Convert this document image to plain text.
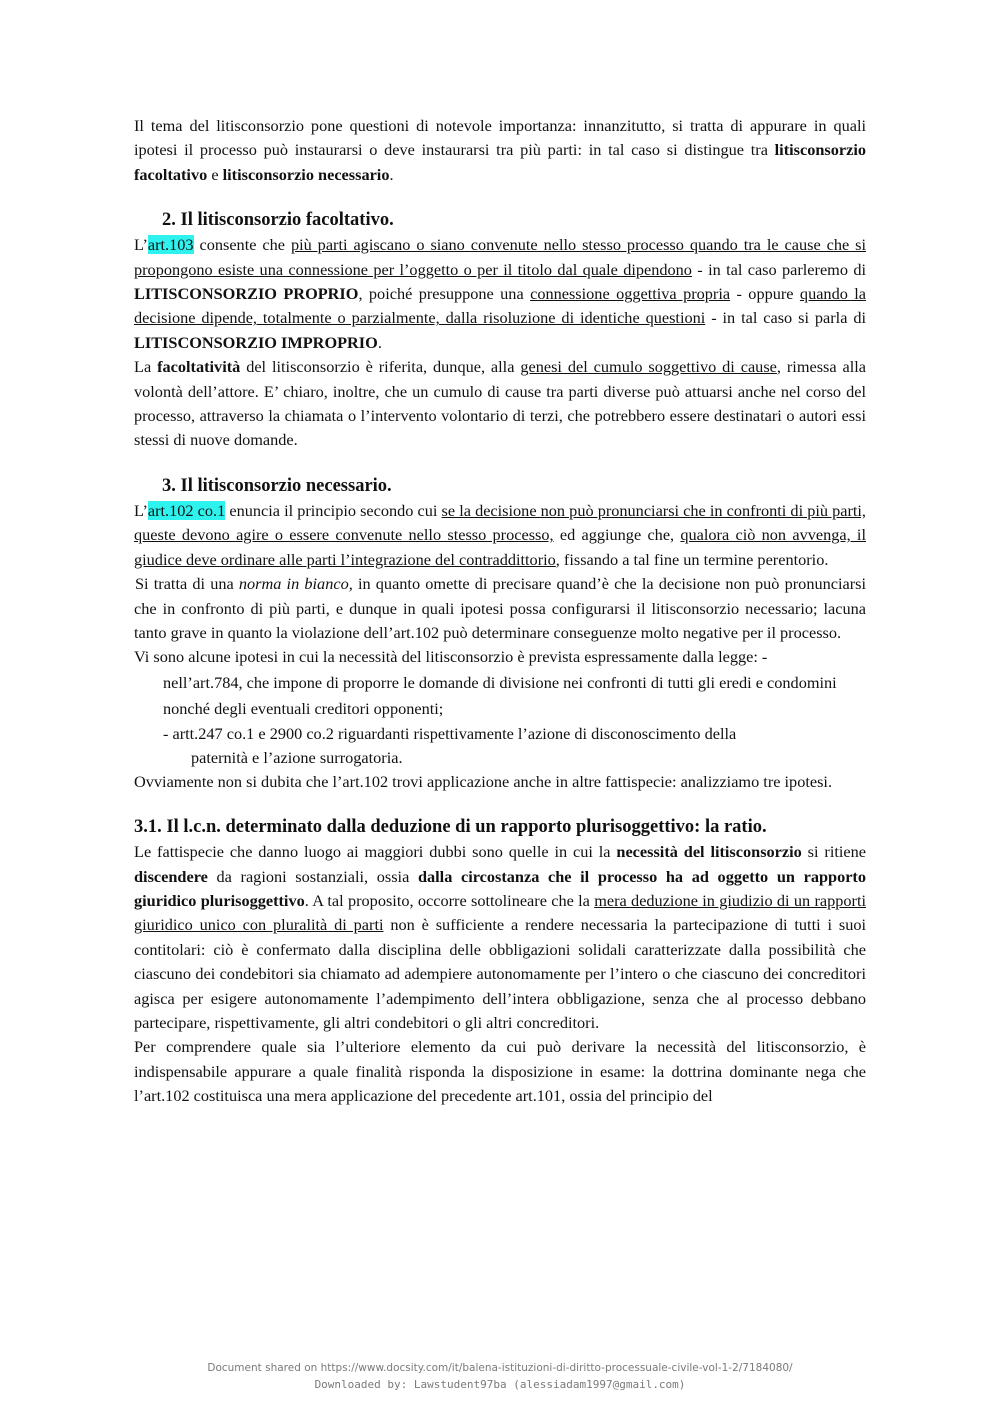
Il tema del litisconsorzio pone questioni di notevole importanza: innanzitutto, si tratta di appurare in quali ipotesi il processo può instaurarsi o deve instaurarsi tra più parti: in tal caso si distingue tra litisconsorzio facoltativo e litisconsorzio necessario.

2. Il litisconsorzio facoltativo.

L’art.103 consente che più parti agiscano o siano convenute nello stesso processo quando tra le cause che si propongono esiste una connessione per l’oggetto o per il titolo dal quale dipendono - in tal caso parleremo di LITISCONSORZIO PROPRIO, poiché presuppone una connessione oggettiva propria - oppure quando la decisione dipende, totalmente o parzialmente, dalla risoluzione di identiche questioni - in tal caso si parla di LITISCONSORZIO IMPROPRIO.

La facoltatività del litisconsorzio è riferita, dunque, alla genesi del cumulo soggettivo di cause, rimessa alla volontà dell’attore. E’ chiaro, inoltre, che un cumulo di cause tra parti diverse può attuarsi anche nel corso del processo, attraverso la chiamata o l’intervento volontario di terzi, che potrebbero essere destinatari o autori essi stessi di nuove domande.

3. Il litisconsorzio necessario.

L’art.102 co.1 enuncia il principio secondo cui se la decisione non può pronunciarsi che in confronti di più parti, queste devono agire o essere convenute nello stesso processo, ed aggiunge che, qualora ciò non avvenga, il giudice deve ordinare alle parti l’integrazione del contraddittorio, fissando a tal fine un termine perentorio.

Si tratta di una norma in bianco, in quanto omette di precisare quand’è che la decisione non può pronunciarsi che in confronto di più parti, e dunque in quali ipotesi possa configurarsi il litisconsorzio necessario; lacuna tanto grave in quanto la violazione dell’art.102 può determinare conseguenze molto negative per il processo.

Vi sono alcune ipotesi in cui la necessità del litisconsorzio è prevista espressamente dalla legge: -

nell’art.784, che impone di proporre le domande di divisione nei confronti di tutti gli eredi e condomini nonché degli eventuali creditori opponenti;

- artt.247 co.1 e 2900 co.2 riguardanti rispettivamente l’azione di disconoscimento della
paternità e l’azione surrogatoria.

Ovviamente non si dubita che l’art.102 trovi applicazione anche in altre fattispecie: analizziamo tre ipotesi.

3.1. Il l.c.n. determinato dalla deduzione di un rapporto plurisoggettivo: la ratio.

Le fattispecie che danno luogo ai maggiori dubbi sono quelle in cui la necessità del litisconsorzio si ritiene discendere da ragioni sostanziali, ossia dalla circostanza che il processo ha ad oggetto un rapporto giuridico plurisoggettivo. A tal proposito, occorre sottolineare che la mera deduzione in giudizio di un rapporti giuridico unico con pluralità di parti non è sufficiente a rendere necessaria la partecipazione di tutti i suoi contitolari: ciò è confermato dalla disciplina delle obbligazioni solidali caratterizzate dalla possibilità che ciascuno dei condebitori sia chiamato ad adempiere autonomamente per l’intero o che ciascuno dei concreditori agisca per esigere autonomamente l’adempimento dell’intera obbligazione, senza che al processo debbano partecipare, rispettivamente, gli altri condebitori o gli altri concreditori.

Per comprendere quale sia l’ulteriore elemento da cui può derivare la necessità del litisconsorzio, è indispensabile appurare a quale finalità risponda la disposizione in esame: la dottrina dominante nega che l’art.102 costituisca una mera applicazione del precedente art.101, ossia del principio del

Document shared on https://www.docsity.com/it/balena-istituzioni-di-diritto-processuale-civile-vol-1-2/7184080/
Downloaded by: Lawstudent97ba (alessiadam1997@gmail.com)
